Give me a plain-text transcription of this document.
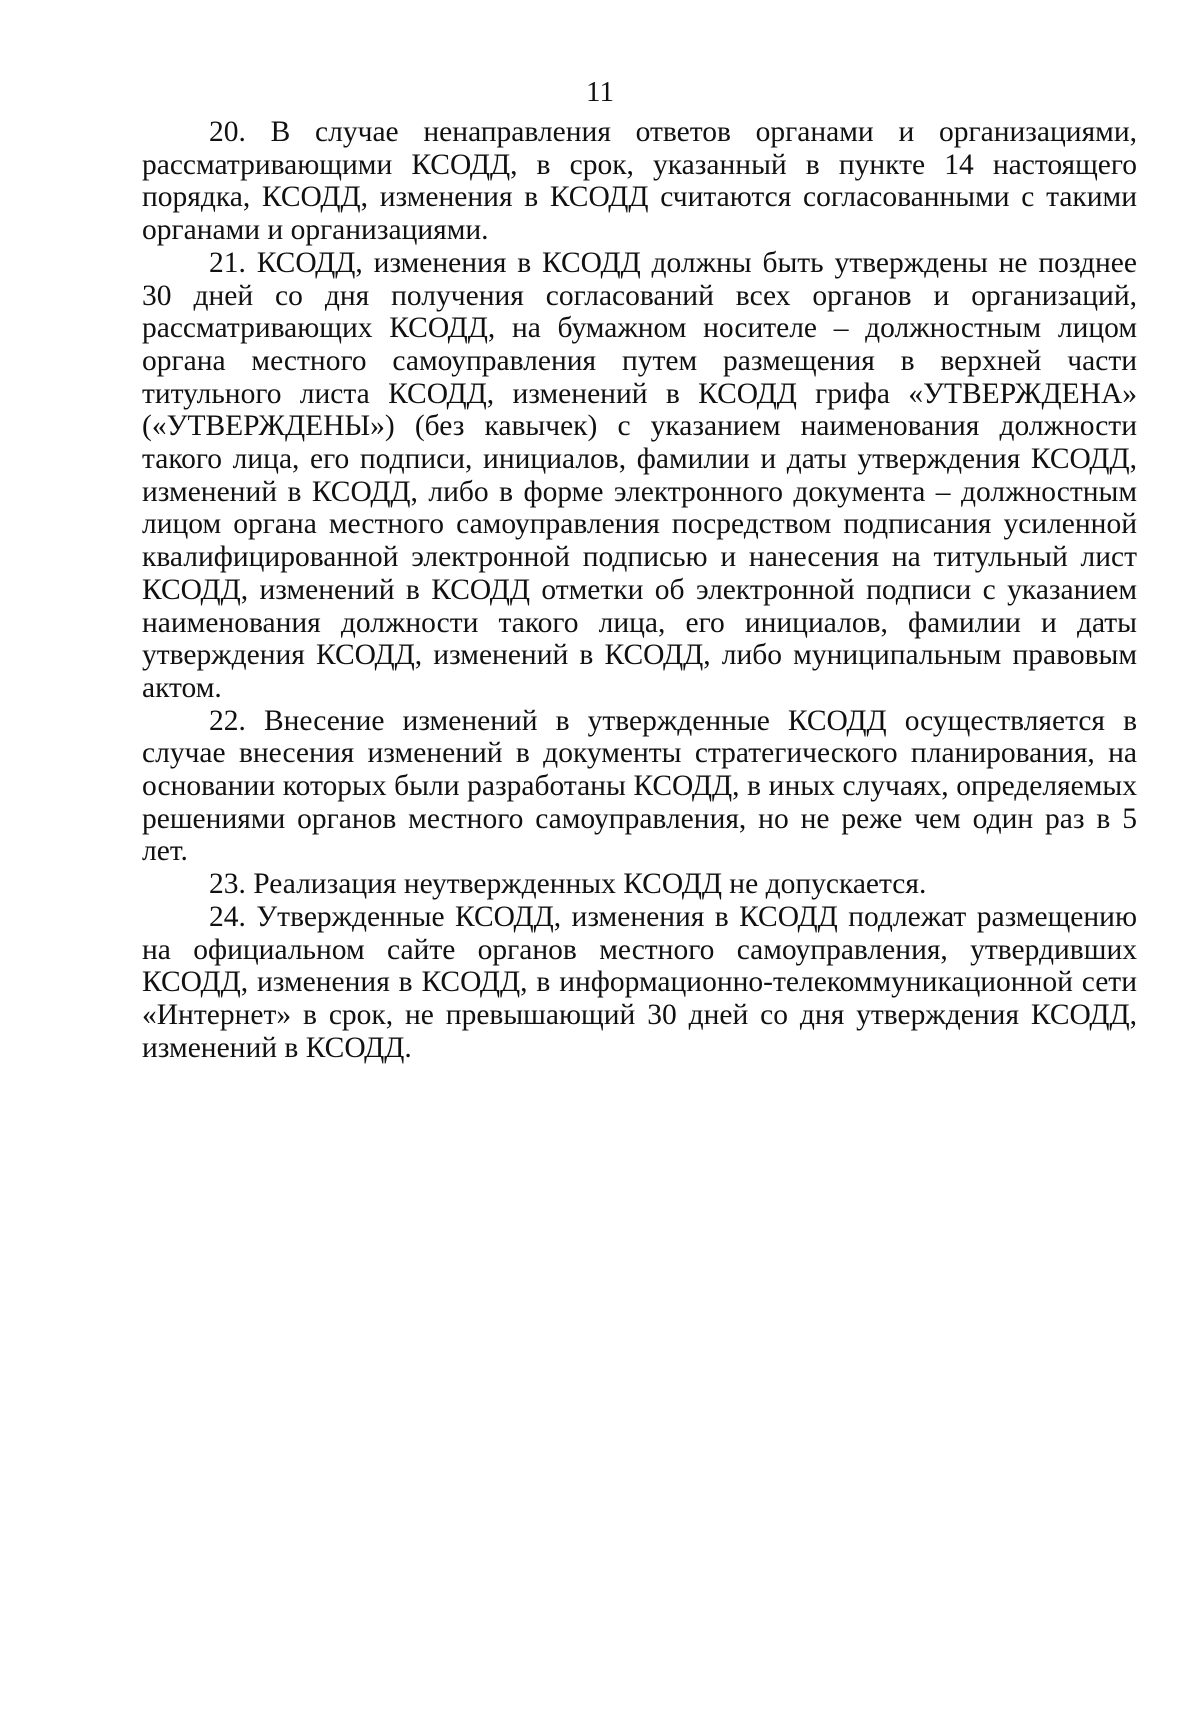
11

20. В случае ненаправления ответов органами и организациями, рассматривающими КСОДД, в срок, указанный в пункте 14 настоящего порядка, КСОДД, изменения в КСОДД считаются согласованными с такими органами и организациями.

21. КСОДД, изменения в КСОДД должны быть утверждены не позднее 30 дней со дня получения согласований всех органов и организаций, рассматривающих КСОДД, на бумажном носителе – должностным лицом органа местного самоуправления путем размещения в верхней части титульного листа КСОДД, изменений в КСОДД грифа «УТВЕРЖДЕНА» («УТВЕРЖДЕНЫ») (без кавычек) с указанием наименования должности такого лица, его подписи, инициалов, фамилии и даты утверждения КСОДД, изменений в КСОДД, либо в форме электронного документа – должностным лицом органа местного самоуправления посредством подписания усиленной квалифицированной электронной подписью и нанесения на титульный лист КСОДД, изменений в КСОДД отметки об электронной подписи с указанием наименования должности такого лица, его инициалов, фамилии и даты утверждения КСОДД, изменений в КСОДД, либо муниципальным правовым актом.

22. Внесение изменений в утвержденные КСОДД осуществляется в случае внесения изменений в документы стратегического планирования, на основании которых были разработаны КСОДД, в иных случаях, определяемых решениями органов местного самоуправления, но не реже чем один раз в 5 лет.

23. Реализация неутвержденных КСОДД не допускается.

24. Утвержденные КСОДД, изменения в КСОДД подлежат размещению на официальном сайте органов местного самоуправления, утвердивших КСОДД, изменения в КСОДД, в информационно-телекоммуникационной сети «Интернет» в срок, не превышающий 30 дней со дня утверждения КСОДД, изменений в КСОДД.
